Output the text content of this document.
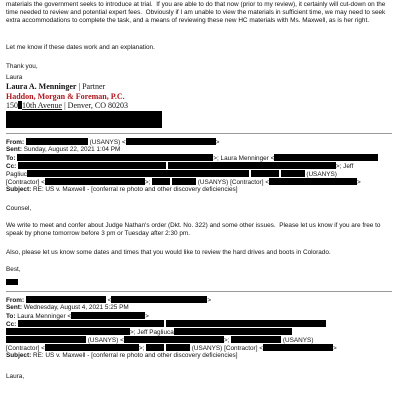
materials the government seeks to introduce at trial.  If you are able to do that now (prior to my review), it certainly will cut-down on the time needed to review and potential expert fees.  Obviously if I am unable to view the materials in sufficient time, we may need to seek extra accommodations to complete the task, and a means of reviewing these new HC materials with Ms. Maxwell, as is her right.
Let me know if these dates work and an explanation.
Thank you,
Laura
Laura A. Menninger | Partner
Haddon, Morgan & Foreman, P.C.
150 10th Avenue | Denver, CO 80203
From:	(USANYS) <	>
Sent: Sunday, August 22, 2021 1:04 PM
To:	>; Laura Menninger <
Cc:	>; Jeff
Pagliuc	(USANYS)
[Contractor] <	>;	(USANYS) [Contractor] <	>
Subject: RE: US v. Maxwell - [conferral re photo and other discovery deficiencies]
Counsel,
We write to meet and confer about Judge Nathan's order (Dkt. No. 322) and some other issues.  Please let us know if you are free to speak by phone tomorrow before 3 pm or Tuesday after 2:30 pm.
Also, please let us know some dates and times that you would like to review the hard drives and boots in Colorado.
Best,
From:	<	>
Sent: Wednesday, August 4, 2021 5:25 PM
To: Laura Menninger <	>
Cc:
>; Jeff Pagliuca
(USANYS) <	>;	(USANYS)
[Contractor] <	>;	(USANYS) [Contractor] <	>
Subject: RE: US v. Maxwell - [conferral re photo and other discovery deficiencies]
Laura,
